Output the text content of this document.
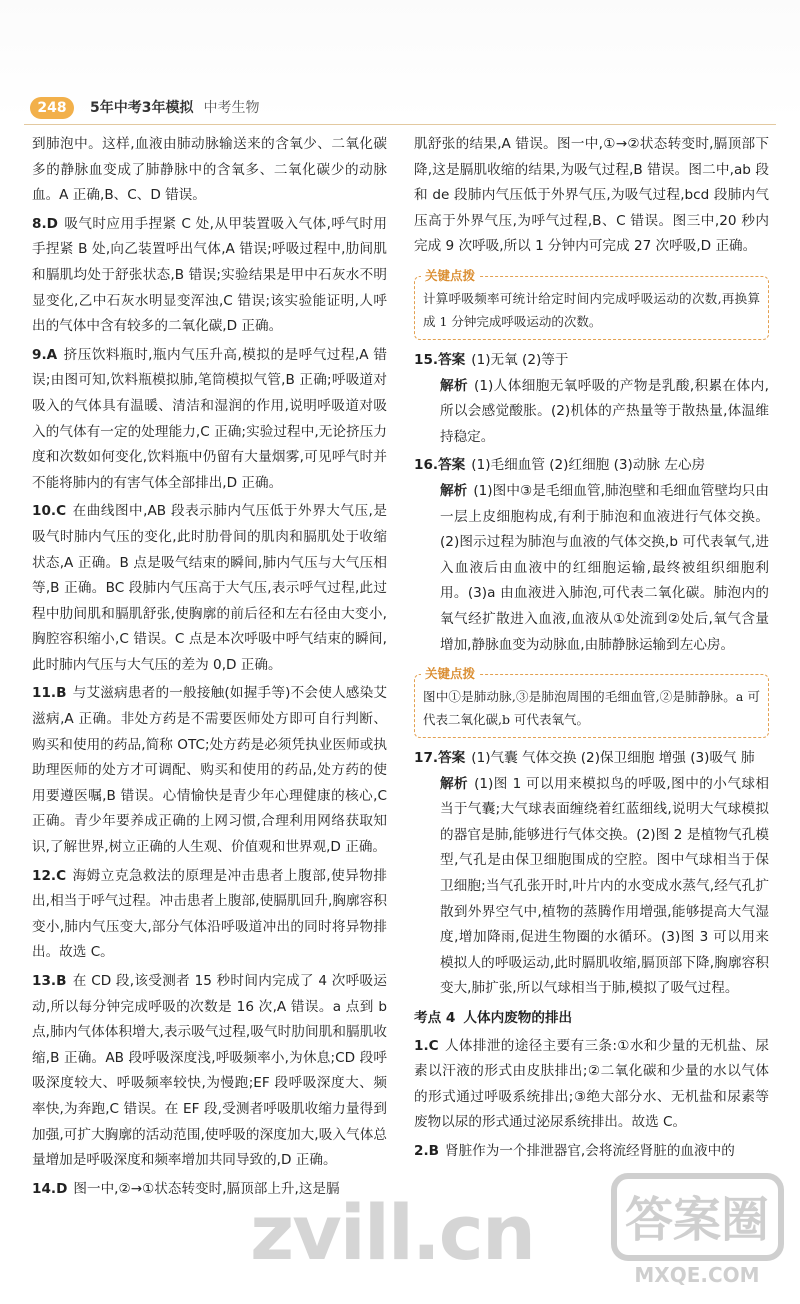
248	5年中考3年模拟 中考生物
到肺泡中。这样,血液由肺动脉输送来的含氧少、二氧化碳多的静脉血变成了肺静脉中的含氧多、二氧化碳少的动脉血。A 正确,B、C、D 错误。
8.D 吸气时应用手捏紧 C 处,从甲装置吸入气体,呼气时用手捏紧 B 处,向乙装置呼出气体,A 错误;呼吸过程中,肋间肌和膈肌均处于舒张状态,B 错误;实验结果是甲中石灰水不明显变化,乙中石灰水明显变浑浊,C 错误;该实验能证明,人呼出的气体中含有较多的二氧化碳,D 正确。
9.A 挤压饮料瓶时,瓶内气压升高,模拟的是呼气过程,A 错误;由图可知,饮料瓶模拟肺,笔筒模拟气管,B 正确;呼吸道对吸入的气体具有温暖、清洁和湿润的作用,说明呼吸道对吸入的气体有一定的处理能力,C 正确;实验过程中,无论挤压力度和次数如何变化,饮料瓶中仍留有大量烟雾,可见呼气时并不能将肺内的有害气体全部排出,D 正确。
10.C 在曲线图中,AB 段表示肺内气压低于外界大气压,是吸气时肺内气压的变化,此时肋骨间的肌肉和膈肌处于收缩状态,A 正确。B 点是吸气结束的瞬间,肺内气压与大气压相等,B 正确。BC 段肺内气压高于大气压,表示呼气过程,此过程中肋间肌和膈肌舒张,使胸廓的前后径和左右径由大变小,胸腔容积缩小,C 错误。C 点是本次呼吸中呼气结束的瞬间,此时肺内气压与大气压的差为 0,D 正确。
11.B 与艾滋病患者的一般接触(如握手等)不会使人感染艾滋病,A 正确。非处方药是不需要医师处方即可自行判断、购买和使用的药品,简称 OTC;处方药是必须凭执业医师或执助理医师的处方才可调配、购买和使用的药品,处方药的使用要遵医嘱,B 错误。心情愉快是青少年心理健康的核心,C 正确。青少年要养成正确的上网习惯,合理利用网络获取知识,了解世界,树立正确的人生观、价值观和世界观,D 正确。
12.C 海姆立克急救法的原理是冲击患者上腹部,使异物排出,相当于呼气过程。冲击患者上腹部,使膈肌回升,胸廓容积变小,肺内气压变大,部分气体沿呼吸道冲出的同时将异物排出。故选 C。
13.B 在 CD 段,该受测者 15 秒时间内完成了 4 次呼吸运动,所以每分钟完成呼吸的次数是 16 次,A 错误。a 点到 b 点,肺内气体体积增大,表示吸气过程,吸气时肋间肌和膈肌收缩,B 正确。AB 段呼吸深度浅,呼吸频率小,为休息;CD 段呼吸深度较大、呼吸频率较快,为慢跑;EF 段呼吸深度大、频率快,为奔跑,C 错误。在 EF 段,受测者呼吸肌收缩力量得到加强,可扩大胸廓的活动范围,使呼吸的深度加大,吸入气体总量增加是呼吸深度和频率增加共同导致的,D 正确。
14.D 图一中,②→①状态转变时,膈顶部上升,这是膈
肌舒张的结果,A 错误。图一中,①→②状态转变时,膈顶部下降,这是膈肌收缩的结果,为吸气过程,B 错误。图二中,ab 段和 de 段肺内气压低于外界气压,为吸气过程,bcd 段肺内气压高于外界气压,为呼气过程,B、C 错误。图三中,20 秒内完成 9 次呼吸,所以 1 分钟内可完成 27 次呼吸,D 正确。
关键点拨
计算呼吸频率可统计给定时间内完成呼吸运动的次数,再换算成 1 分钟完成呼吸运动的次数。
15.答案 (1)无氧 (2)等于
解析 (1)人体细胞无氧呼吸的产物是乳酸,积累在体内,所以会感觉酸胀。(2)机体的产热量等于散热量,体温维持稳定。
16.答案 (1)毛细血管 (2)红细胞 (3)动脉 左心房
解析 (1)图中③是毛细血管,肺泡壁和毛细血管壁均只由一层上皮细胞构成,有利于肺泡和血液进行气体交换。(2)图示过程为肺泡与血液的气体交换,b 可代表氧气,进入血液后由血液中的红细胞运输,最终被组织细胞利用。(3)a 由血液进入肺泡,可代表二氧化碳。肺泡内的氧气经扩散进入血液,血液从①处流到②处后,氧气含量增加,静脉血变为动脉血,由肺静脉运输到左心房。
关键点拨
图中①是肺动脉,③是肺泡周围的毛细血管,②是肺静脉。a 可代表二氧化碳,b 可代表氧气。
17.答案 (1)气囊 气体交换 (2)保卫细胞 增强 (3)吸气 肺
解析 (1)图 1 可以用来模拟鸟的呼吸,图中的小气球相当于气囊;大气球表面缠绕着红蓝细线,说明大气球模拟的器官是肺,能够进行气体交换。(2)图 2 是植物气孔模型,气孔是由保卫细胞围成的空腔。图中气球相当于保卫细胞;当气孔张开时,叶片内的水变成水蒸气,经气孔扩散到外界空气中,植物的蒸腾作用增强,能够提高大气湿度,增加降雨,促进生物圈的水循环。(3)图 3 可以用来模拟人的呼吸运动,此时膈肌收缩,膈顶部下降,胸廓容积变大,肺扩张,所以气球相当于肺,模拟了吸气过程。
考点 4 人体内废物的排出
1.C 人体排泄的途径主要有三条:①水和少量的无机盐、尿素以汗液的形式由皮肤排出;②二氧化碳和少量的水以气体的形式通过呼吸系统排出;③绝大部分水、无机盐和尿素等废物以尿的形式通过泌尿系统排出。故选 C。
2.B 肾脏作为一个排泄器官,会将流经肾脏的血液中的
zvill.cn 答案圈
MXQE.COM
